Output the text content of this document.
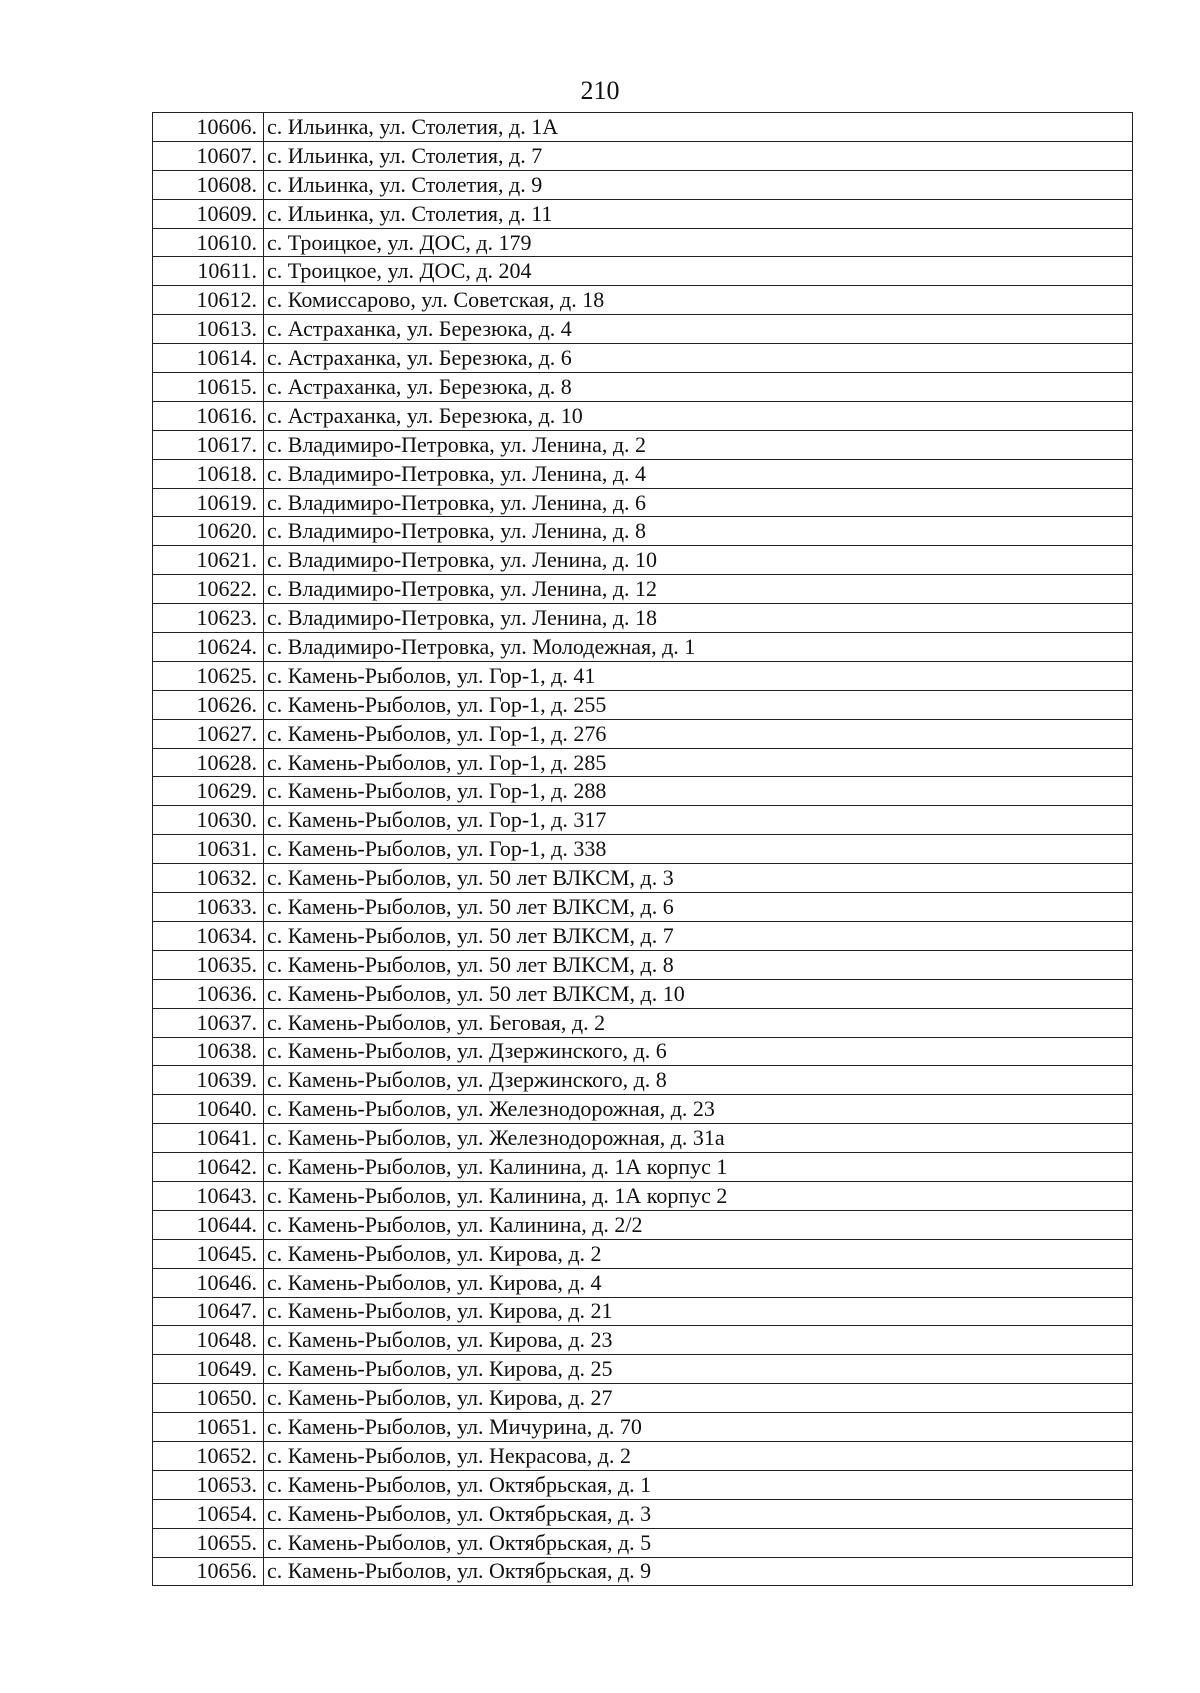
210
10606.	с. Ильинка, ул. Столетия, д. 1А
10607.	с. Ильинка, ул. Столетия, д. 7
10608.	с. Ильинка, ул. Столетия, д. 9
10609.	с. Ильинка, ул. Столетия, д. 11
10610.	с. Троицкое, ул. ДОС, д. 179
10611.	с. Троицкое, ул. ДОС, д. 204
10612.	с. Комиссарово, ул. Советская, д. 18
10613.	с. Астраханка, ул. Березюка, д. 4
10614.	с. Астраханка, ул. Березюка, д. 6
10615.	с. Астраханка, ул. Березюка, д. 8
10616.	с. Астраханка, ул. Березюка, д. 10
10617.	с. Владимиро-Петровка, ул. Ленина, д. 2
10618.	с. Владимиро-Петровка, ул. Ленина, д. 4
10619.	с. Владимиро-Петровка, ул. Ленина, д. 6
10620.	с. Владимиро-Петровка, ул. Ленина, д. 8
10621.	с. Владимиро-Петровка, ул. Ленина, д. 10
10622.	с. Владимиро-Петровка, ул. Ленина, д. 12
10623.	с. Владимиро-Петровка, ул. Ленина, д. 18
10624.	с. Владимиро-Петровка, ул. Молодежная, д. 1
10625.	с. Камень-Рыболов, ул. Гор-1, д. 41
10626.	с. Камень-Рыболов, ул. Гор-1, д. 255
10627.	с. Камень-Рыболов, ул. Гор-1, д. 276
10628.	с. Камень-Рыболов, ул. Гор-1, д. 285
10629.	с. Камень-Рыболов, ул. Гор-1, д. 288
10630.	с. Камень-Рыболов, ул. Гор-1, д. 317
10631.	с. Камень-Рыболов, ул. Гор-1, д. 338
10632.	с. Камень-Рыболов, ул. 50 лет ВЛКСМ, д. 3
10633.	с. Камень-Рыболов, ул. 50 лет ВЛКСМ, д. 6
10634.	с. Камень-Рыболов, ул. 50 лет ВЛКСМ, д. 7
10635.	с. Камень-Рыболов, ул. 50 лет ВЛКСМ, д. 8
10636.	с. Камень-Рыболов, ул. 50 лет ВЛКСМ, д. 10
10637.	с. Камень-Рыболов, ул. Беговая, д. 2
10638.	с. Камень-Рыболов, ул. Дзержинского, д. 6
10639.	с. Камень-Рыболов, ул. Дзержинского, д. 8
10640.	с. Камень-Рыболов, ул. Железнодорожная, д. 23
10641.	с. Камень-Рыболов, ул. Железнодорожная, д. 31а
10642.	с. Камень-Рыболов, ул. Калинина, д. 1А корпус 1
10643.	с. Камень-Рыболов, ул. Калинина, д. 1А корпус 2
10644.	с. Камень-Рыболов, ул. Калинина, д. 2/2
10645.	с. Камень-Рыболов, ул. Кирова, д. 2
10646.	с. Камень-Рыболов, ул. Кирова, д. 4
10647.	с. Камень-Рыболов, ул. Кирова, д. 21
10648.	с. Камень-Рыболов, ул. Кирова, д. 23
10649.	с. Камень-Рыболов, ул. Кирова, д. 25
10650.	с. Камень-Рыболов, ул. Кирова, д. 27
10651.	с. Камень-Рыболов, ул. Мичурина, д. 70
10652.	с. Камень-Рыболов, ул. Некрасова, д. 2
10653.	с. Камень-Рыболов, ул. Октябрьская, д. 1
10654.	с. Камень-Рыболов, ул. Октябрьская, д. 3
10655.	с. Камень-Рыболов, ул. Октябрьская, д. 5
10656.	с. Камень-Рыболов, ул. Октябрьская, д. 9
